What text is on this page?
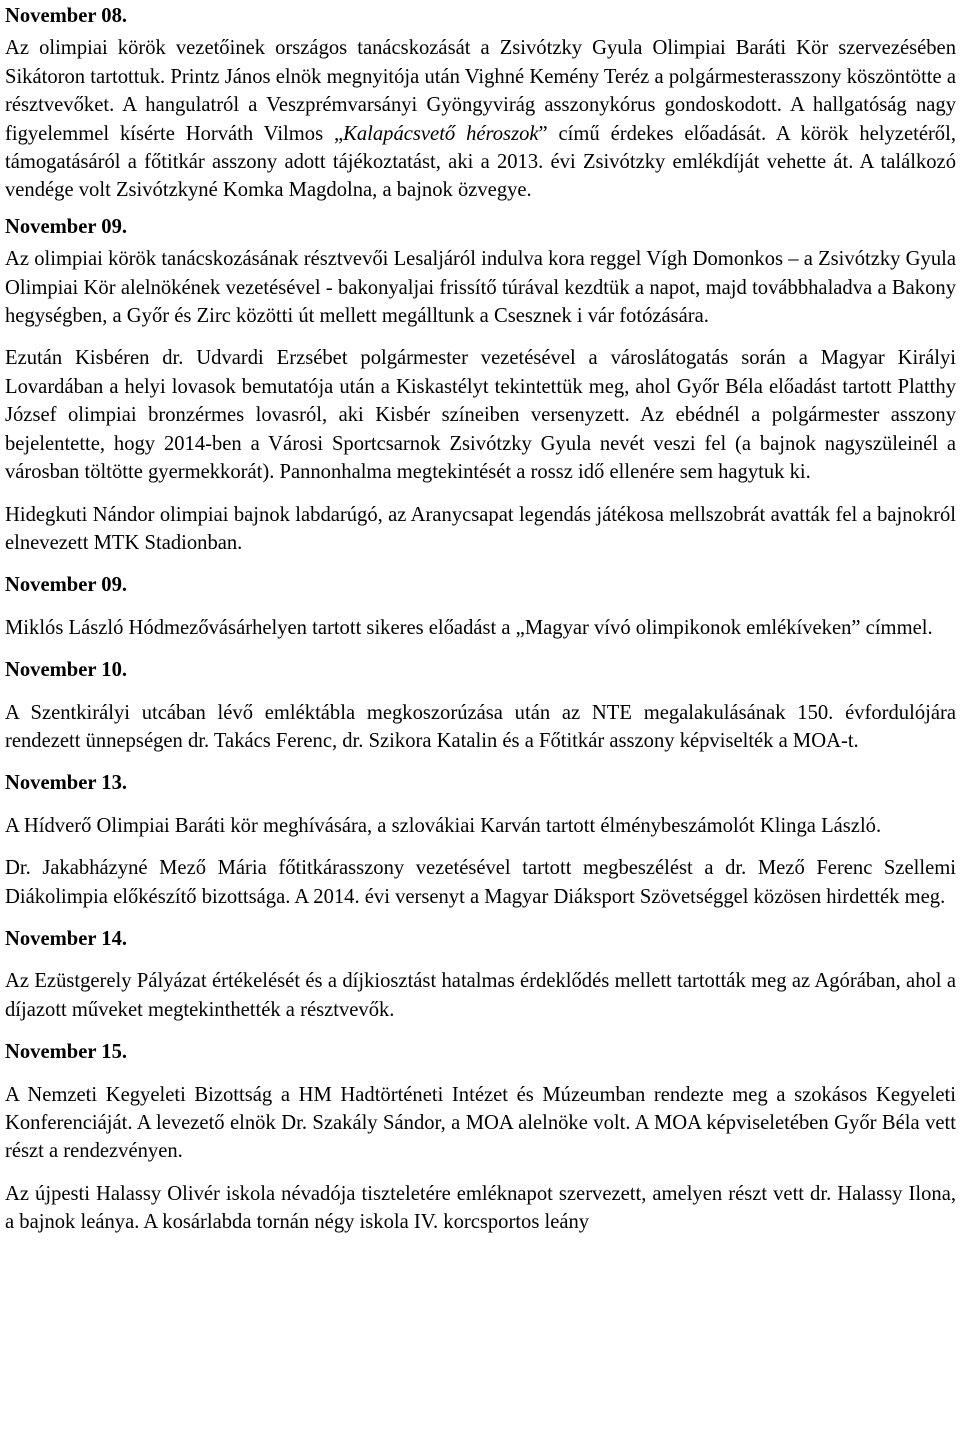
November 08.

Az olimpiai körök vezetőinek országos tanácskozását a Zsivótzky Gyula Olimpiai Baráti Kör szervezésében Sikátoron tartottuk. Printz János elnök megnyitója után Vighné Kemény Teréz a polgármesterasszony köszöntötte a résztvevőket. A hangulatról a Veszprémvarsányi Gyöngyvirág asszonykórus gondoskodott. A hallgatóság nagy figyelemmel kísérte Horváth Vilmos „Kalapácsvető héroszok” című érdekes előadását. A körök helyzetéről, támogatásáról a főtitkár asszony adott tájékoztatást, aki a 2013. évi Zsivótzky emlékdíját vehette át. A találkozó vendége volt Zsivótzkyné Komka Magdolna, a bajnok özvegye.

November 09.

Az olimpiai körök tanácskozásának résztvevői Lesaljáról indulva kora reggel Vígh Domonkos – a Zsivótzky Gyula Olimpiai Kör alelnökének vezetésével - bakonyaljai frissítő túrával kezdtük a napot, majd továbbhaladva a Bakony hegységben, a Győr és Zirc közötti út mellett megálltunk a Csesznek i vár fotózására.

Ezután Kisbéren dr. Udvardi Erzsébet polgármester vezetésével a városlátogatás során a Magyar Királyi Lovardában a helyi lovasok bemutatója után a Kiskastélyt tekintettük meg, ahol Győr Béla előadást tartott Platthy József olimpiai bronzérmes lovasról, aki Kisbér színeiben versenyzett. Az ebédnél a polgármester asszony bejelentette, hogy 2014-ben a Városi Sportcsarnok Zsivótzky Gyula nevét veszi fel (a bajnok nagyszüleinél a városban töltötte gyermekkorát). Pannonhalma megtekintését a rossz idő ellenére sem hagytuk ki.

Hidegkuti Nándor olimpiai bajnok labdarúgó, az Aranycsapat legendás játékosa mellszobrát avatták fel a bajnokról elnevezett MTK Stadionban.

November 09.

Miklós László Hódmezővásárhelyen tartott sikeres előadást a „Magyar vívó olimpikonok emlékíveken” címmel.

November 10.

A Szentkirályi utcában lévő emléktábla megkoszorúzása után az NTE megalakulásának 150. évfordulójára rendezett ünnepségen dr. Takács Ferenc, dr. Szikora Katalin és a Főtitkár asszony képviselték a MOA-t.

November 13.

A Hídverő Olimpiai Baráti kör meghívására, a szlovákiai Karván tartott élménybeszámolót Klinga László.

Dr. Jakabházyné Mező Mária főtitkárasszony vezetésével tartott megbeszélést a dr. Mező Ferenc Szellemi Diákolimpia előkészítő bizottsága. A 2014. évi versenyt a Magyar Diáksport Szövetséggel közösen hirdették meg.

November 14.

Az Ezüstgerely Pályázat értékelését és a díjkiosztást hatalmas érdeklődés mellett tartották meg az Agórában, ahol a díjazott műveket megtekinthették a résztvevők.

November 15.

A Nemzeti Kegyeleti Bizottság a HM Hadtörténeti Intézet és Múzeumban rendezte meg a szokásos Kegyeleti Konferenciáját. A levezető elnök Dr. Szakály Sándor, a MOA alelnöke volt. A MOA képviseletében Győr Béla vett részt a rendezvényen.

Az újpesti Halassy Olivér iskola névadója tiszteletére emléknapot szervezett, amelyen részt vett dr. Halassy Ilona, a bajnok leánya. A kosárlabda tornán négy iskola IV. korcsportos leány
